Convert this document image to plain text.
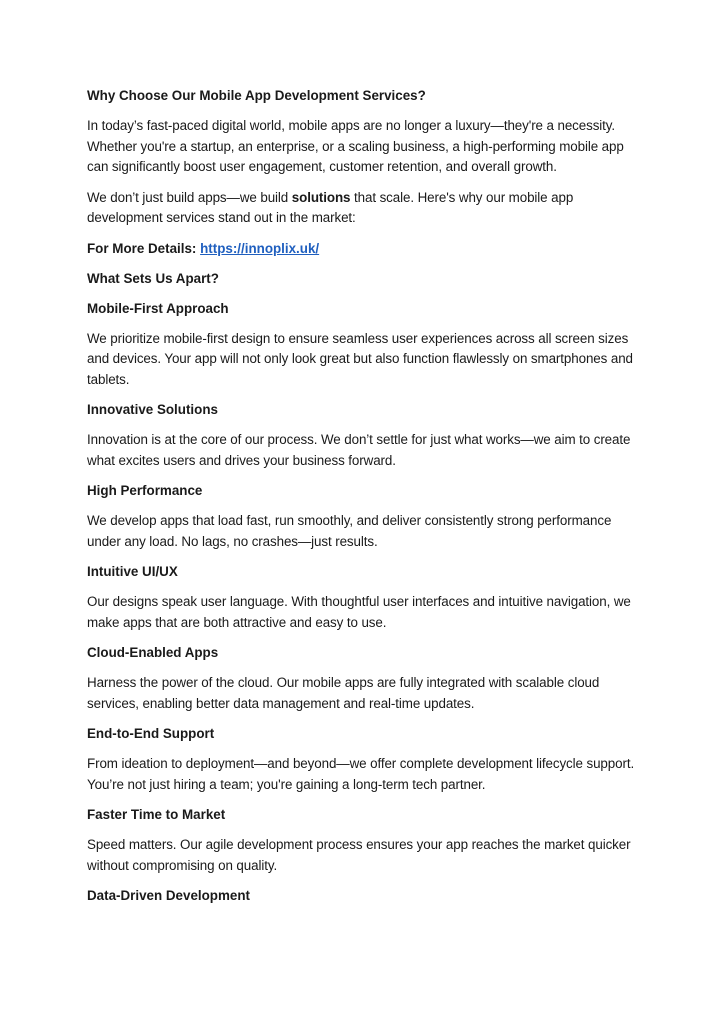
Why Choose Our Mobile App Development Services?
In today’s fast-paced digital world, mobile apps are no longer a luxury—they're a necessity. Whether you're a startup, an enterprise, or a scaling business, a high-performing mobile app can significantly boost user engagement, customer retention, and overall growth.
We don’t just build apps—we build solutions that scale. Here's why our mobile app development services stand out in the market:
For More Details: https://innoplix.uk/
What Sets Us Apart?
Mobile-First Approach
We prioritize mobile-first design to ensure seamless user experiences across all screen sizes and devices. Your app will not only look great but also function flawlessly on smartphones and tablets.
Innovative Solutions
Innovation is at the core of our process. We don’t settle for just what works—we aim to create what excites users and drives your business forward.
High Performance
We develop apps that load fast, run smoothly, and deliver consistently strong performance under any load. No lags, no crashes—just results.
Intuitive UI/UX
Our designs speak user language. With thoughtful user interfaces and intuitive navigation, we make apps that are both attractive and easy to use.
Cloud-Enabled Apps
Harness the power of the cloud. Our mobile apps are fully integrated with scalable cloud services, enabling better data management and real-time updates.
End-to-End Support
From ideation to deployment—and beyond—we offer complete development lifecycle support. You’re not just hiring a team; you're gaining a long-term tech partner.
Faster Time to Market
Speed matters. Our agile development process ensures your app reaches the market quicker without compromising on quality.
Data-Driven Development
